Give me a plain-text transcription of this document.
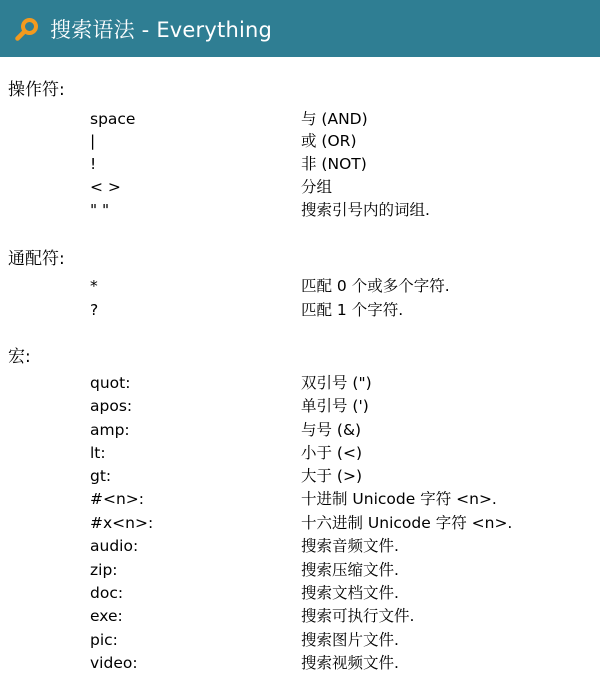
搜索语法 - Everything
操作符:
space	与 (AND)
|	或 (OR)
!	非 (NOT)
< >	分组
" "	搜索引号内的词组.
通配符:
*	匹配 0 个或多个字符.
?	匹配 1 个字符.
宏:
quot:	双引号 (")
apos:	单引号 (')
amp:	与号 (&)
lt:	小于 (<)
gt:	大于 (>)
#<n>:	十进制 Unicode 字符 <n>.
#x<n>:	十六进制 Unicode 字符 <n>.
audio:	搜索音频文件.
zip:	搜索压缩文件.
doc:	搜索文档文件.
exe:	搜索可执行文件.
pic:	搜索图片文件.
video:	搜索视频文件.
